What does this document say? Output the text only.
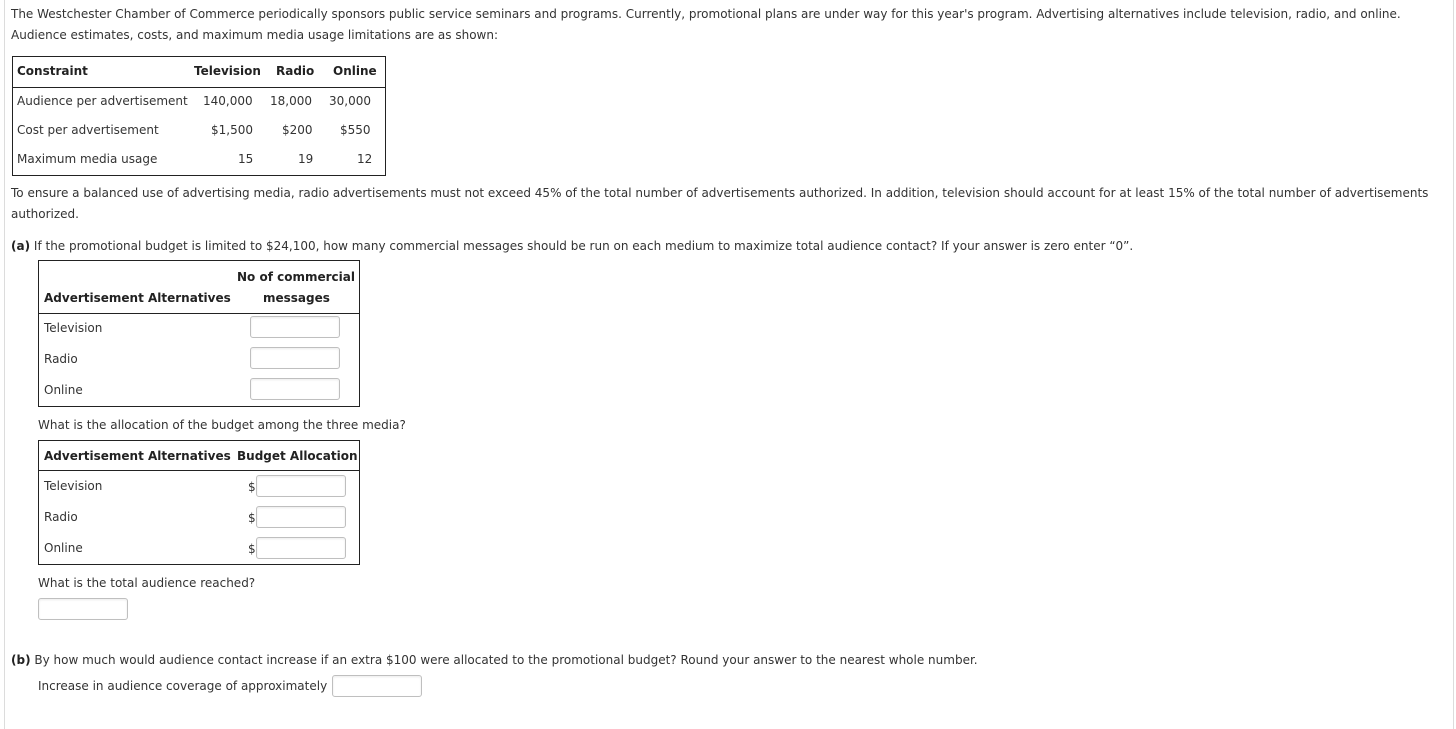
The Westchester Chamber of Commerce periodically sponsors public service seminars and programs. Currently, promotional plans are under way for this year's program. Advertising alternatives include television, radio, and online. Audience estimates, costs, and maximum media usage limitations are as shown:
Constraint	Television Radio Online
Audience per advertisement 140,000 18,000 30,000
Cost per advertisement	$1,500 $200 $550
Maximum media usage	15	19	12
To ensure a balanced use of advertising media, radio advertisements must not exceed 45% of the total number of advertisements authorized. In addition, television should account for at least 15% of the total number of advertisements authorized.
(a) If the promotional budget is limited to $24,100, how many commercial messages should be run on each medium to maximize total audience contact? If your answer is zero enter “0”.
Advertisement Alternatives
No of commercial
messages
Television
Radio
Online
What is the allocation of the budget among the three media?
Advertisement Alternatives Budget Allocation
Television	$
Radio	$
Online	$
What is the total audience reached?
(b) By how much would audience contact increase if an extra $100 were allocated to the promotional budget? Round your answer to the nearest whole number.
Increase in audience coverage of approximately
